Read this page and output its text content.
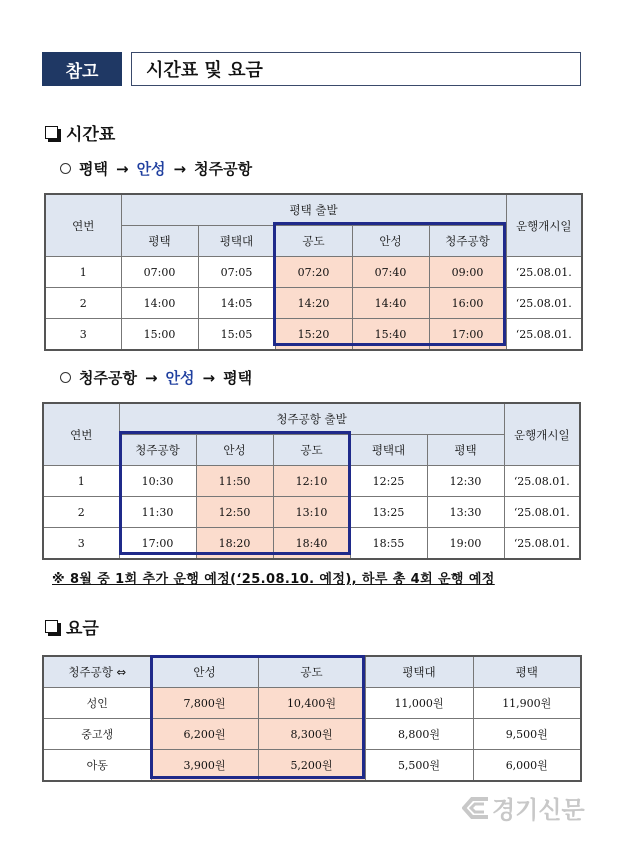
참고	시간표 및 요금
시간표
평택 → 안성 → 청주공항
연번	평택 출발					운행개시일
	평택	평택대	공도	안성	청주공항	
1	07:00	07:05	07:20	07:40	09:00	‘25.08.01.
2	14:00	14:05	14:20	14:40	16:00	‘25.08.01.
3	15:00	15:05	15:20	15:40	17:00	‘25.08.01.
청주공항 → 안성 → 평택
연번	청주공항 출발					운행개시일
	청주공항	안성	공도	평택대	평택	
1	10:30	11:50	12:10	12:25	12:30	‘25.08.01.
2	11:30	12:50	13:10	13:25	13:30	‘25.08.01.
3	17:00	18:20	18:40	18:55	19:00	‘25.08.01.
※ 8월 중 1회 추가 운행 예정(‘25.08.10. 예정), 하루 총 4회 운행 예정
요금
청주공항 ⇔	안성	공도	평택대	평택
성인	7,800원	10,400원	11,000원	11,900원
중고생	6,200원	8,300원	8,800원	9,500원
아동	3,900원	5,200원	5,500원	6,000원
경기신문
